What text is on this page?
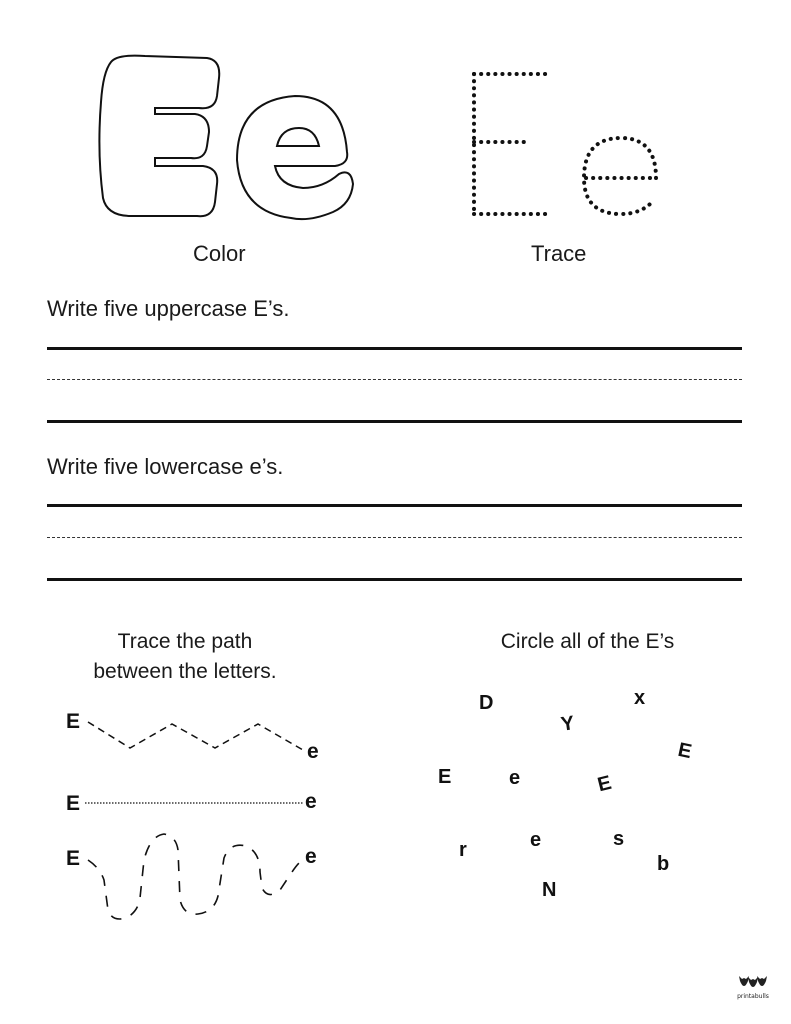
Color	Trace
Write five uppercase E’s.
Write five lowercase e’s.
Trace the path
between the letters.
E
e
E	e
E	e
Circle all of the E’s
D	x
Y
E
E	e	E
r	e	s
b
N
printabulls
